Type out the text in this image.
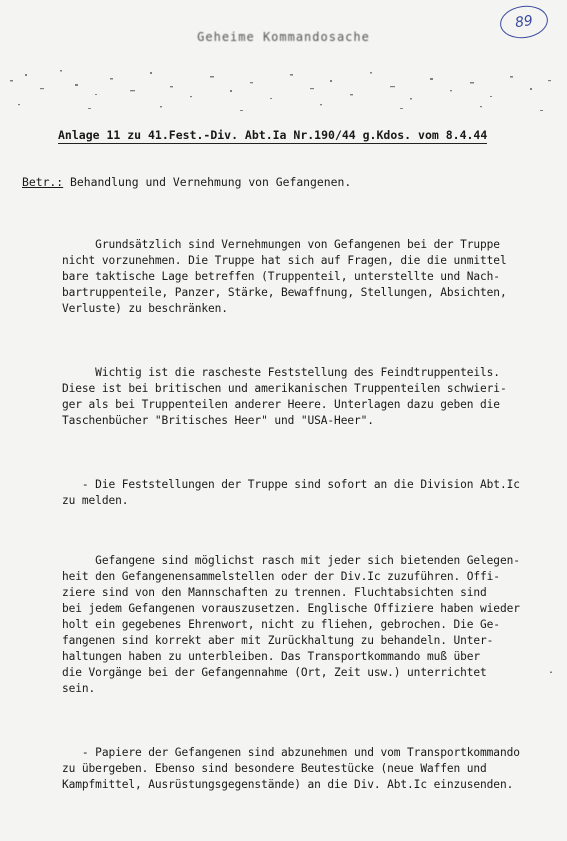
89
Geheime Kommandosache
Anlage 11 zu 41.Fest.-Div. Abt.Ia Nr.190/44 g.Kdos. vom 8.4.44
Betr.: Behandlung und Vernehmung von Gefangenen.

Grundsätzlich sind Vernehmungen von Gefangenen bei der Truppe
nicht vorzunehmen. Die Truppe hat sich auf Fragen, die die unmittel
bare taktische Lage betreffen (Truppenteil, unterstellte und Nach-
bartruppenteile, Panzer, Stärke, Bewaffnung, Stellungen, Absichten,
Verluste) zu beschränken.

Wichtig ist die rascheste Feststellung des Feindtruppenteils.
Diese ist bei britischen und amerikanischen Truppenteilen schwieri-
ger als bei Truppenteilen anderer Heere. Unterlagen dazu geben die
Taschenbücher "Britisches Heer" und "USA-Heer".

- Die Feststellungen der Truppe sind sofort an die Division Abt.Ic
zu melden.

Gefangene sind möglichst rasch mit jeder sich bietenden Gelegen-
heit den Gefangenensammelstellen oder der Div.Ic zuzuführen. Offi-
ziere sind von den Mannschaften zu trennen. Fluchtabsichten sind
bei jedem Gefangenen vorauszusetzen. Englische Offiziere haben wieder
holt ein gegebenes Ehrenwort, nicht zu fliehen, gebrochen. Die Ge-
fangenen sind korrekt aber mit Zurückhaltung zu behandeln. Unter-
haltungen haben zu unterbleiben. Das Transportkommando muß über
die Vorgänge bei der Gefangennahme (Ort, Zeit usw.) unterrichtet
sein.

- Papiere der Gefangenen sind abzunehmen und vom Transportkommando
zu übergeben. Ebenso sind besondere Beutestücke (neue Waffen und
Kampfmittel, Ausrüstungsgegenstände) an die Div. Abt.Ic einzusenden.

.
